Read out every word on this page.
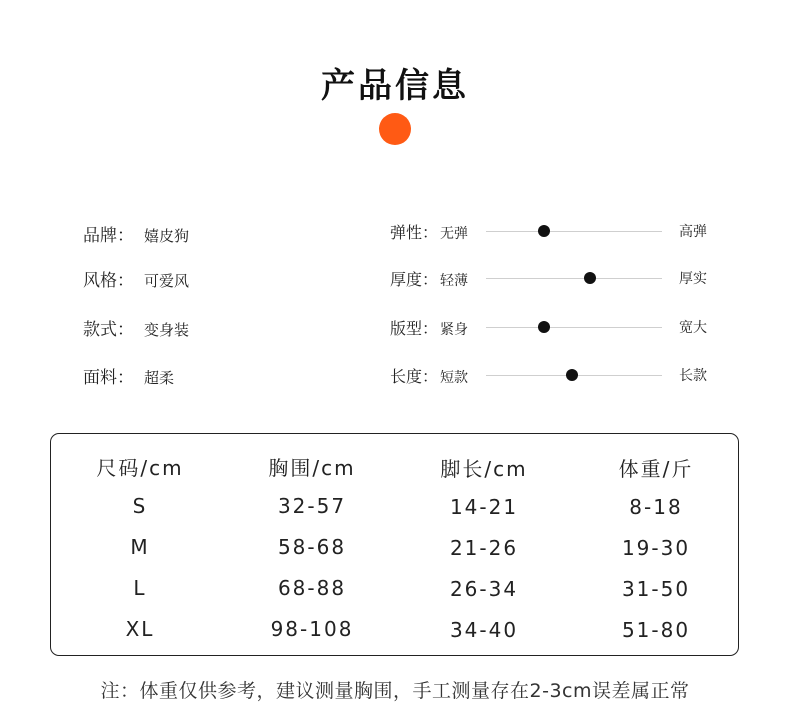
产品信息
品牌： 嬉皮狗
风格： 可爱风
款式： 变身装
面料： 超柔
弹性： 无弹	高弹
厚度： 轻薄	厚实
版型： 紧身	宽大
长度： 短款	长款
尺码/cm	胸围/cm	脚长/cm	体重/斤
S	32-57	14-21	8-18
M	58-68	21-26	19-30
L	68-88	26-34	31-50
XL	98-108	34-40	51-80
注：体重仅供参考，建议测量胸围，手工测量存在2-3cm误差属正常
